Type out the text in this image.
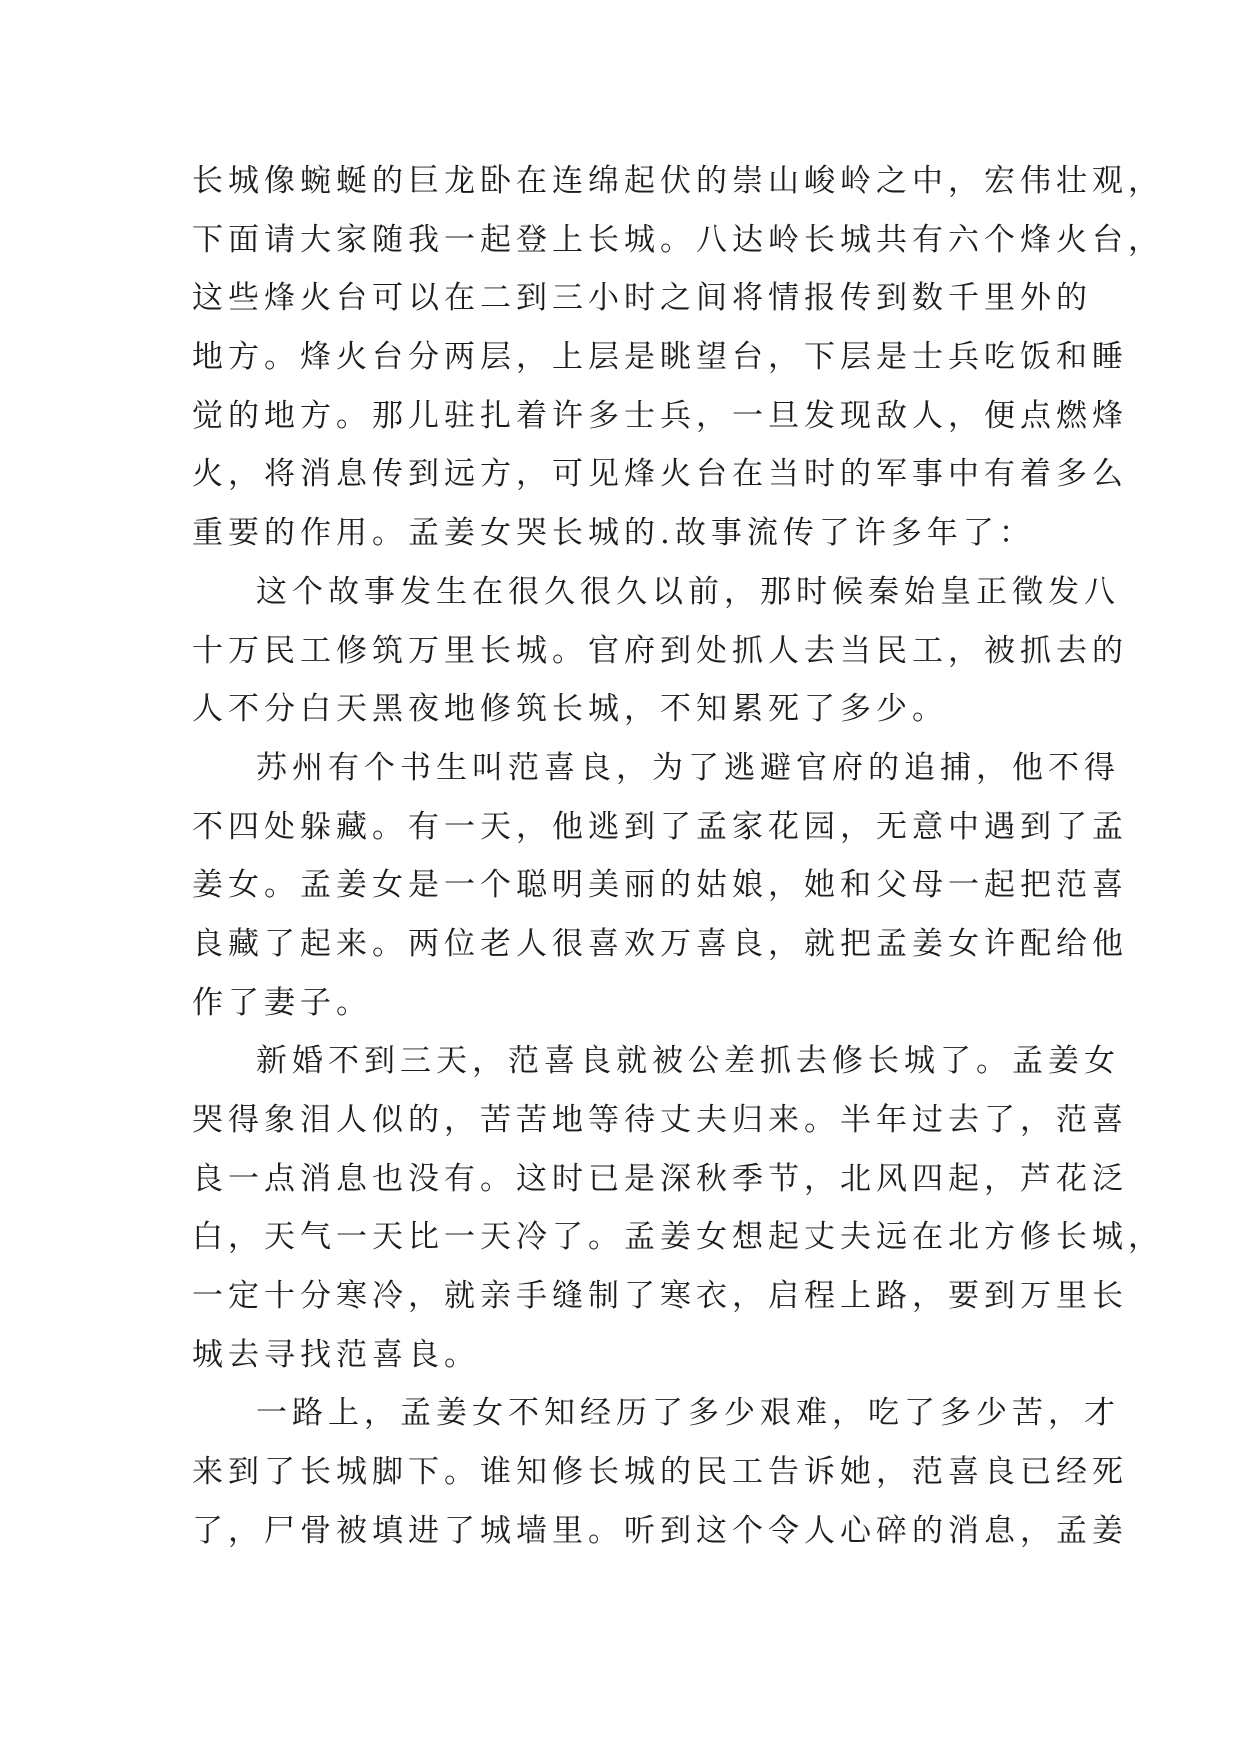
长城像蜿蜒的巨龙卧在连绵起伏的崇山峻岭之中，宏伟壮观，
下面请大家随我一起登上长城。八达岭长城共有六个烽火台，
这些烽火台可以在二到三小时之间将情报传到数千里外的
地方。烽火台分两层，上层是眺望台，下层是士兵吃饭和睡
觉的地方。那儿驻扎着许多士兵，一旦发现敌人，便点燃烽
火，将消息传到远方，可见烽火台在当时的军事中有着多么
重要的作用。孟姜女哭长城的.故事流传了许多年了：
这个故事发生在很久很久以前，那时候秦始皇正徵发八
十万民工修筑万里长城。官府到处抓人去当民工，被抓去的
人不分白天黑夜地修筑长城，不知累死了多少。
苏州有个书生叫范喜良，为了逃避官府的追捕，他不得
不四处躲藏。有一天，他逃到了孟家花园，无意中遇到了孟
姜女。孟姜女是一个聪明美丽的姑娘，她和父母一起把范喜
良藏了起来。两位老人很喜欢万喜良，就把孟姜女许配给他
作了妻子。
新婚不到三天，范喜良就被公差抓去修长城了。孟姜女
哭得象泪人似的，苦苦地等待丈夫归来。半年过去了，范喜
良一点消息也没有。这时已是深秋季节，北风四起，芦花泛
白，天气一天比一天冷了。孟姜女想起丈夫远在北方修长城，
一定十分寒冷，就亲手缝制了寒衣，启程上路，要到万里长
城去寻找范喜良。
一路上，孟姜女不知经历了多少艰难，吃了多少苦，才
来到了长城脚下。谁知修长城的民工告诉她，范喜良已经死
了，尸骨被填进了城墙里。听到这个令人心碎的消息，孟姜
